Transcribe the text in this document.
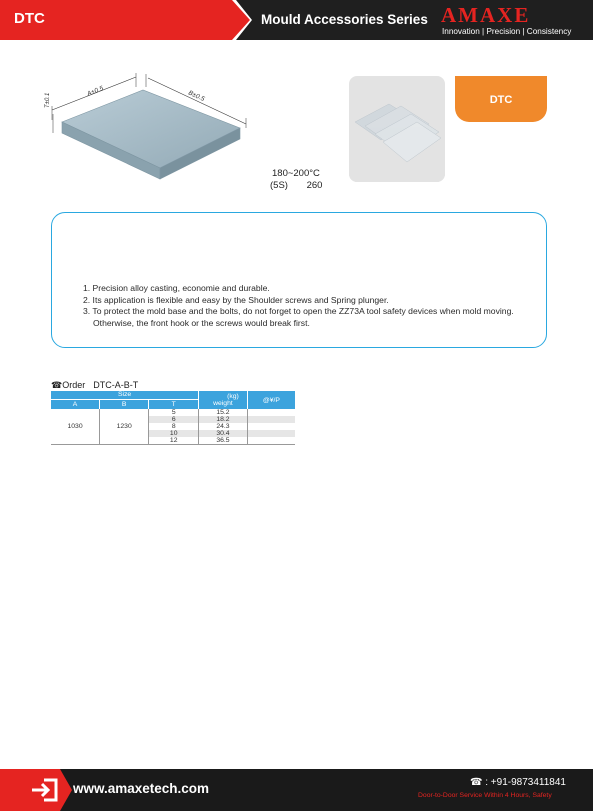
DTC	Mould Accessories Series AMAXE
Innovation | Precision | Consistency
A±0.5	B±0.5
T±0.1
180~200°C
(5S) 260
DTC
1. Precision alloy casting, economie and durable.
2. Its application is flexible and easy by the Shoulder screws and Spring plunger.
3. To protect the mold base and the bolts, do not forget to open the ZZ73A tool safety devices when mold moving. Otherwise, the front hook or the screws would break first.
☎Order DTC-A-B-T
Size			(kg)
weight	@¥/P
A	B	T		
1030	1230	5	15.2	
		6	18.2	
		8	24.3	
		10	30.4	
		12	36.5	
www.amaxetech.com	☎ : +91-9873411841
Door-to-Door Service Within 4 Hours, Safety
